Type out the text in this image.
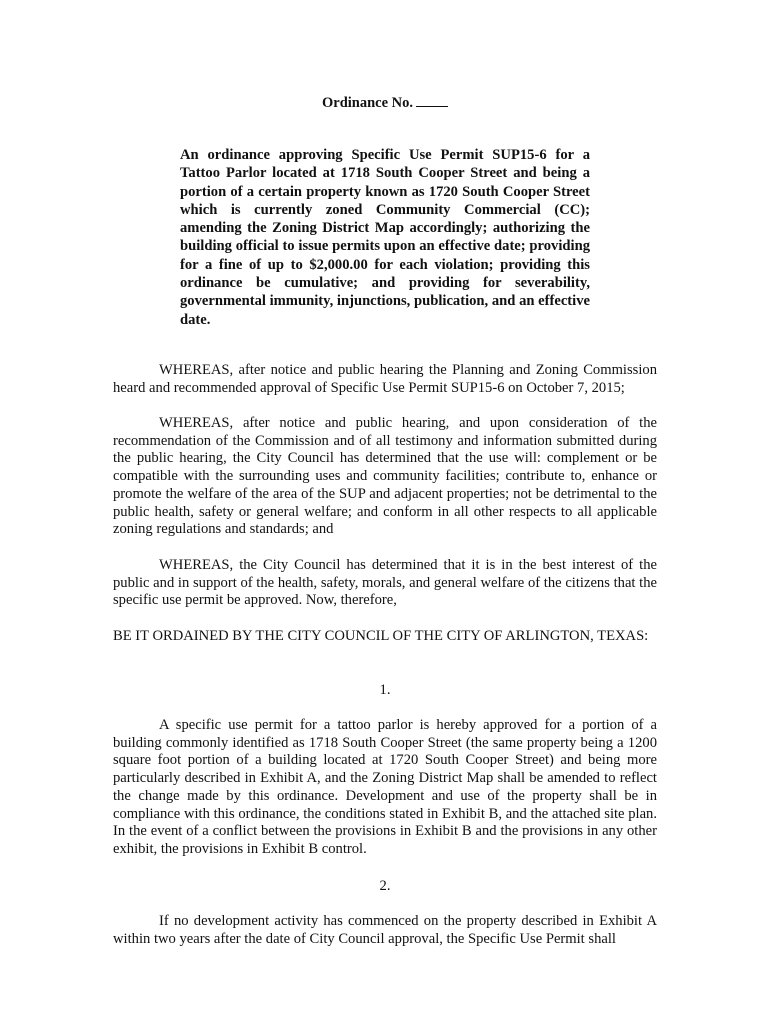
Ordinance No.
An ordinance approving Specific Use Permit SUP15-6 for a Tattoo Parlor located at 1718 South Cooper Street and being a portion of a certain property known as 1720 South Cooper Street which is currently zoned Community Commercial (CC); amending the Zoning District Map accordingly; authorizing the building official to issue permits upon an effective date; providing for a fine of up to $2,000.00 for each violation; providing this ordinance be cumulative; and providing for severability, governmental immunity, injunctions, publication, and an effective date.
WHEREAS, after notice and public hearing the Planning and Zoning Commission heard and recommended approval of Specific Use Permit SUP15-6 on October 7, 2015;
WHEREAS, after notice and public hearing, and upon consideration of the recommendation of the Commission and of all testimony and information submitted during the public hearing, the City Council has determined that the use will: complement or be compatible with the surrounding uses and community facilities; contribute to, enhance or promote the welfare of the area of the SUP and adjacent properties; not be detrimental to the public health, safety or general welfare; and conform in all other respects to all applicable zoning regulations and standards; and
WHEREAS, the City Council has determined that it is in the best interest of the public and in support of the health, safety, morals, and general welfare of the citizens that the specific use permit be approved. Now, therefore,
BE IT ORDAINED BY THE CITY COUNCIL OF THE CITY OF ARLINGTON, TEXAS:
1.
A specific use permit for a tattoo parlor is hereby approved for a portion of a building commonly identified as 1718 South Cooper Street (the same property being a 1200 square foot portion of a building located at 1720 South Cooper Street) and being more particularly described in Exhibit A, and the Zoning District Map shall be amended to reflect the change made by this ordinance. Development and use of the property shall be in compliance with this ordinance, the conditions stated in Exhibit B, and the attached site plan. In the event of a conflict between the provisions in Exhibit B and the provisions in any other exhibit, the provisions in Exhibit B control.
2.
If no development activity has commenced on the property described in Exhibit A within two years after the date of City Council approval, the Specific Use Permit shall
